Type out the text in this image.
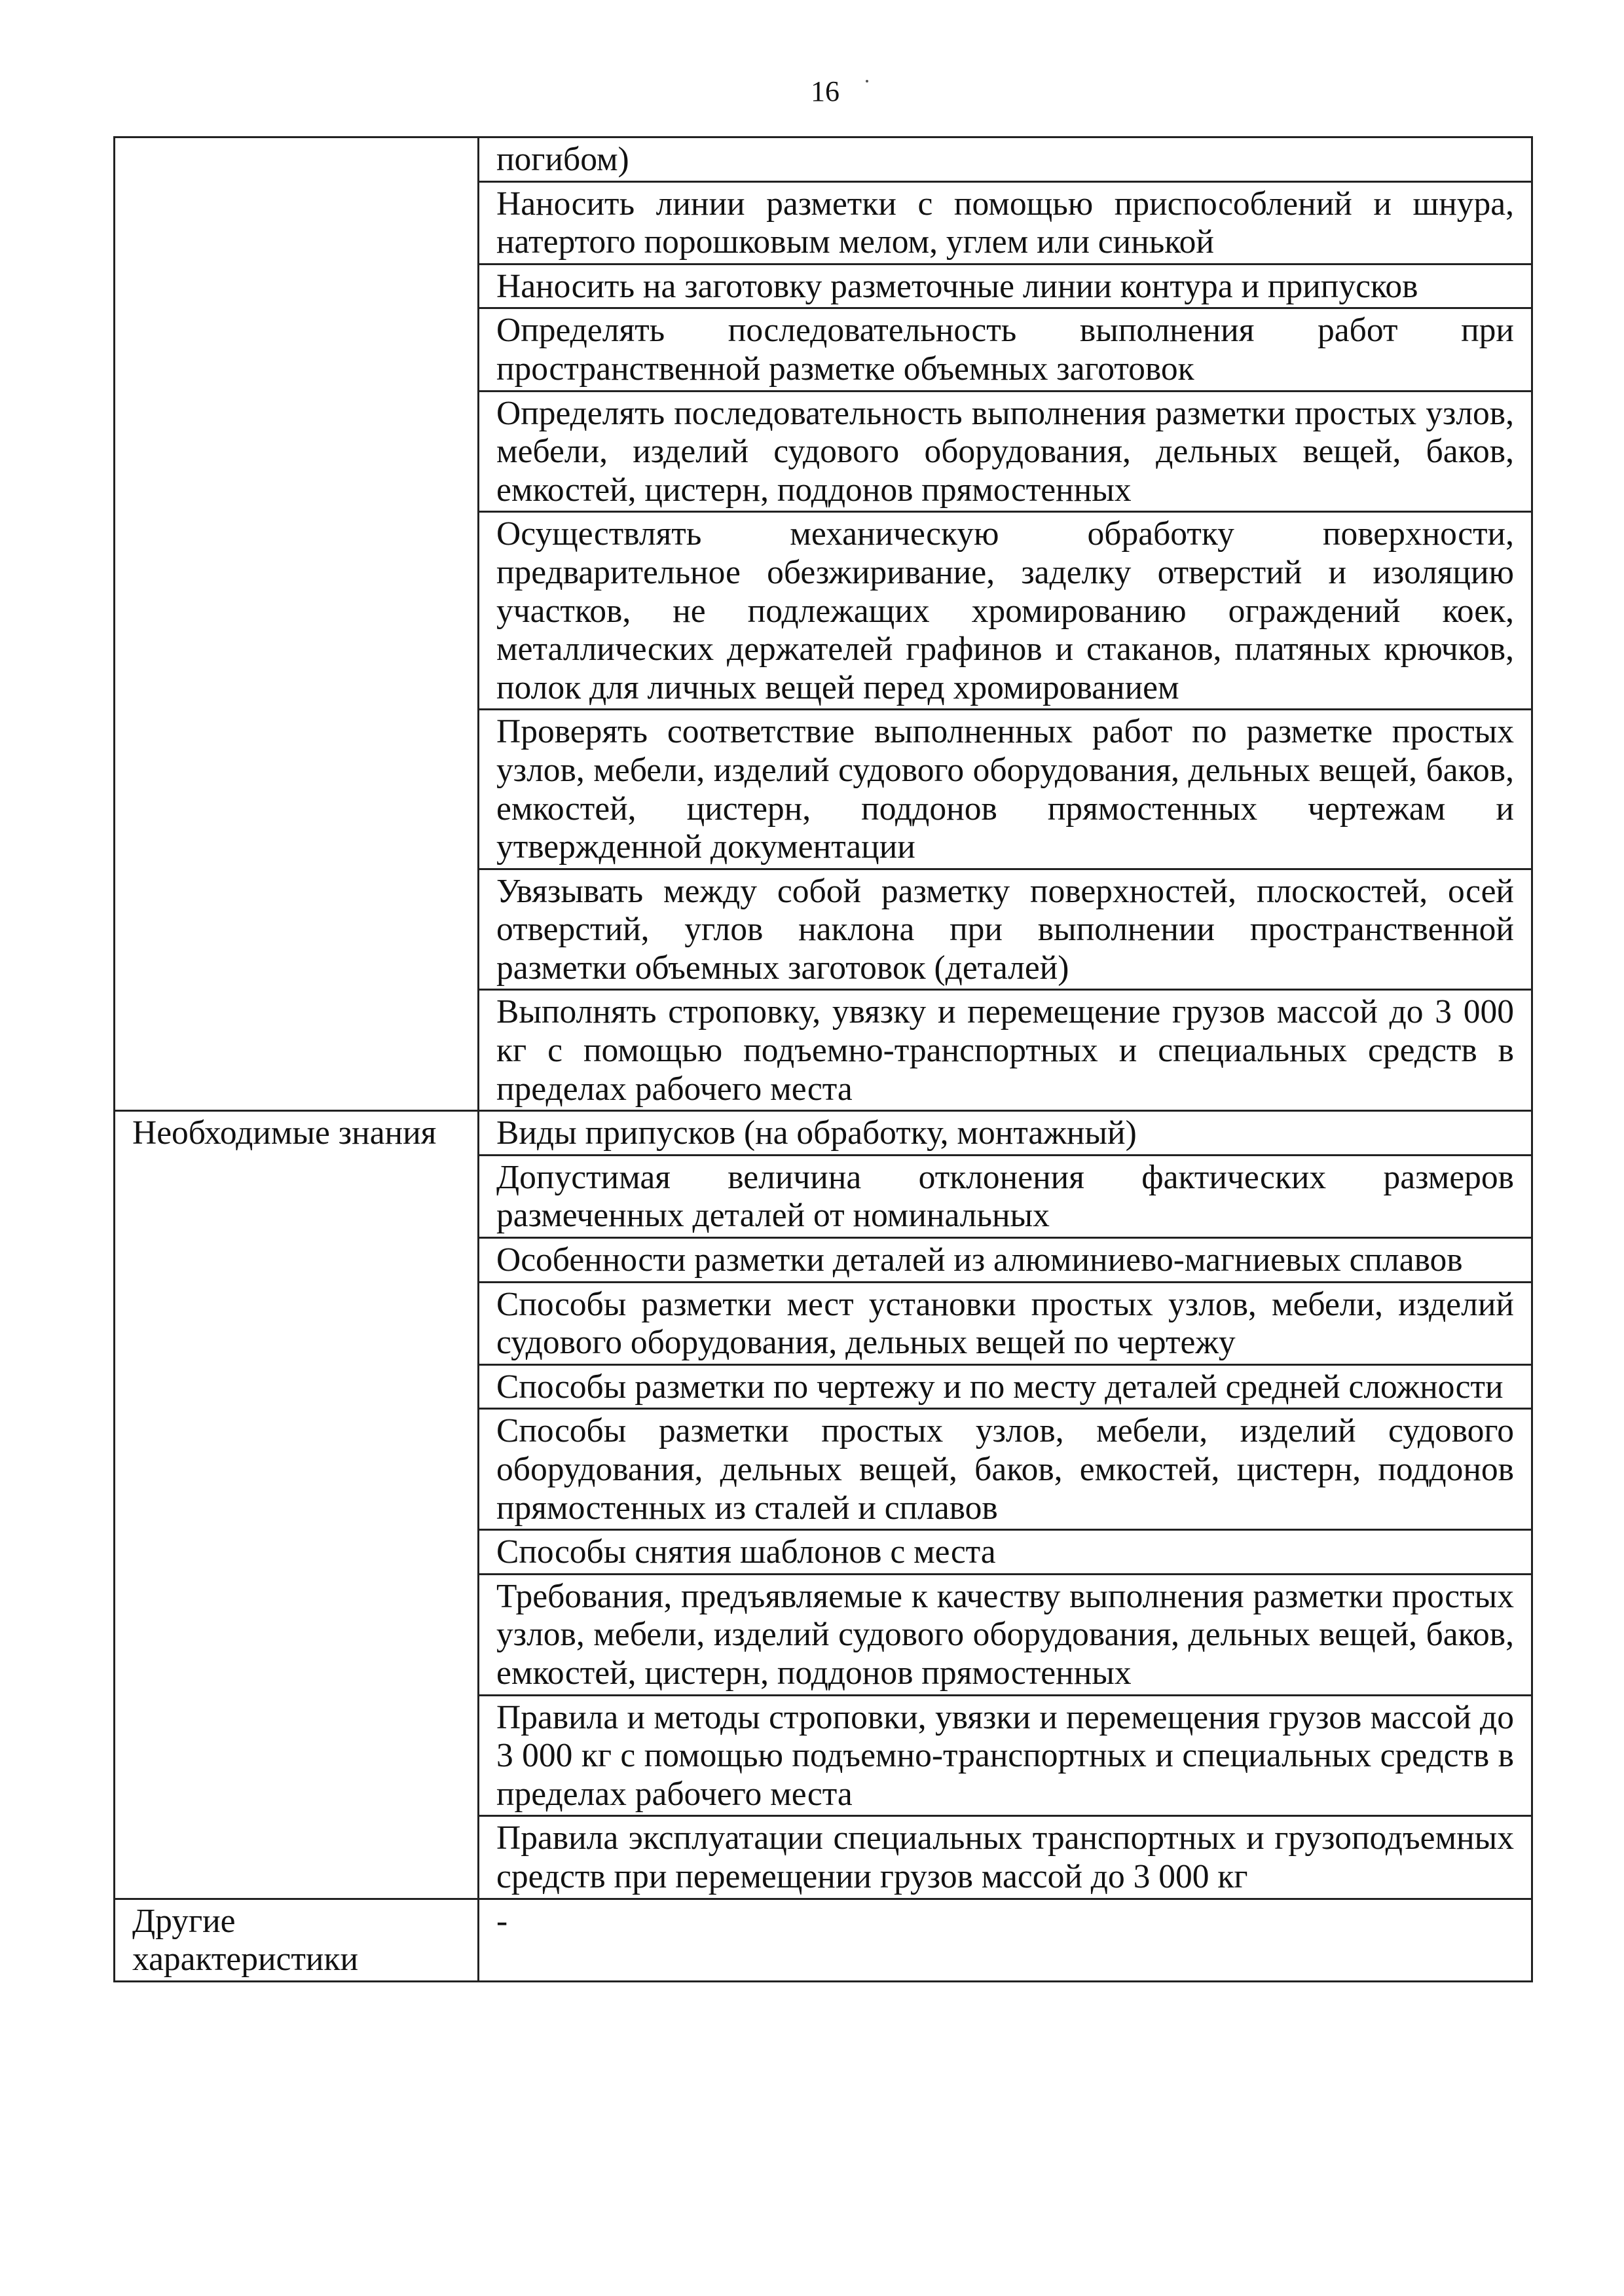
16
	погибом)
	Наносить линии разметки с помощью приспособлений и шнура, натертого порошковым мелом, углем или синькой
	Наносить на заготовку разметочные линии контура и припусков
	Определять последовательность выполнения работ при пространственной разметке объемных заготовок
	Определять последовательность выполнения разметки простых узлов, мебели, изделий судового оборудования, дельных вещей, баков, емкостей, цистерн, поддонов прямостенных
	Осуществлять механическую обработку поверхности, предварительное обезжиривание, заделку отверстий и изоляцию участков, не подлежащих хромированию ограждений коек, металлических держателей графинов и стаканов, платяных крючков, полок для личных вещей перед хромированием
	Проверять соответствие выполненных работ по разметке простых узлов, мебели, изделий судового оборудования, дельных вещей, баков, емкостей, цистерн, поддонов прямостенных чертежам и утвержденной документации
	Увязывать между собой разметку поверхностей, плоскостей, осей отверстий, углов наклона при выполнении пространственной разметки объемных заготовок (деталей)
	Выполнять строповку, увязку и перемещение грузов массой до 3 000 кг с помощью подъемно-транспортных и специальных средств в пределах рабочего места
Необходимые знания	Виды припусков (на обработку, монтажный)
	Допустимая величина отклонения фактических размеров размеченных деталей от номинальных
	Особенности разметки деталей из алюминиево-магниевых сплавов
	Способы разметки мест установки простых узлов, мебели, изделий судового оборудования, дельных вещей по чертежу
	Способы разметки по чертежу и по месту деталей средней сложности
	Способы разметки простых узлов, мебели, изделий судового оборудования, дельных вещей, баков, емкостей, цистерн, поддонов прямостенных из сталей и сплавов
	Способы снятия шаблонов с места
	Требования, предъявляемые к качеству выполнения разметки простых узлов, мебели, изделий судового оборудования, дельных вещей, баков, емкостей, цистерн, поддонов прямостенных
	Правила и методы строповки, увязки и перемещения грузов массой до 3 000 кг с помощью подъемно-транспортных и специальных средств в пределах рабочего места
	Правила эксплуатации специальных транспортных и грузоподъемных средств при перемещении грузов массой до 3 000 кг
Другие характеристики	-
